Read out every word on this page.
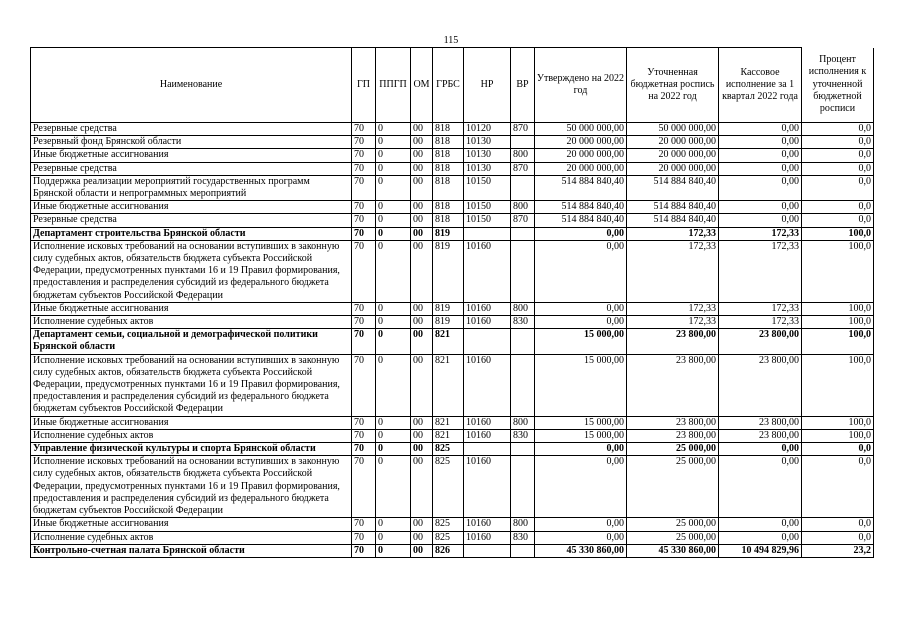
115
Наименование	ГП	ППГП	ОМ	ГРБС	НР	ВР	Утверждено на 2022 год	Уточненная бюджетная роспись на 2022 год	Кассовое исполнение за 1 квартал 2022 года	Процент исполнения к уточненной бюджетной росписи
Резервные средства	70	0	00	818	10120	870	50 000 000,00	50 000 000,00	0,00	0,0
Резервный фонд Брянской области	70	0	00	818	10130		20 000 000,00	20 000 000,00	0,00	0,0
Иные бюджетные ассигнования	70	0	00	818	10130	800	20 000 000,00	20 000 000,00	0,00	0,0
Резервные средства	70	0	00	818	10130	870	20 000 000,00	20 000 000,00	0,00	0,0
Поддержка реализации мероприятий государственных программ Брянской области и непрограммных мероприятий	70	0	00	818	10150		514 884 840,40	514 884 840,40	0,00	0,0
Иные бюджетные ассигнования	70	0	00	818	10150	800	514 884 840,40	514 884 840,40	0,00	0,0
Резервные средства	70	0	00	818	10150	870	514 884 840,40	514 884 840,40	0,00	0,0
Департамент строительства Брянской области	70	0	00	819			0,00	172,33	172,33	100,0
Исполнение исковых требований на основании вступивших в законную силу судебных актов, обязательств бюджета субъекта Российской Федерации, предусмотренных пунктами 16 и 19 Правил формирования, предоставления и распределения субсидий из федерального бюджета бюджетам субъектов Российской Федерации	70	0	00	819	10160		0,00	172,33	172,33	100,0
Иные бюджетные ассигнования	70	0	00	819	10160	800	0,00	172,33	172,33	100,0
Исполнение судебных актов	70	0	00	819	10160	830	0,00	172,33	172,33	100,0
Департамент семьи, социальной и демографической политики Брянской области	70	0	00	821			15 000,00	23 800,00	23 800,00	100,0
Исполнение исковых требований на основании вступивших в законную силу судебных актов, обязательств бюджета субъекта Российской Федерации, предусмотренных пунктами 16 и 19 Правил формирования, предоставления и распределения субсидий из федерального бюджета бюджетам субъектов Российской Федерации	70	0	00	821	10160		15 000,00	23 800,00	23 800,00	100,0
Иные бюджетные ассигнования	70	0	00	821	10160	800	15 000,00	23 800,00	23 800,00	100,0
Исполнение судебных актов	70	0	00	821	10160	830	15 000,00	23 800,00	23 800,00	100,0
Управление физической культуры и спорта Брянской области	70	0	00	825			0,00	25 000,00	0,00	0,0
Исполнение исковых требований на основании вступивших в законную силу судебных актов, обязательств бюджета субъекта Российской Федерации, предусмотренных пунктами 16 и 19 Правил формирования, предоставления и распределения субсидий из федерального бюджета бюджетам субъектов Российской Федерации	70	0	00	825	10160		0,00	25 000,00	0,00	0,0
Иные бюджетные ассигнования	70	0	00	825	10160	800	0,00	25 000,00	0,00	0,0
Исполнение судебных актов	70	0	00	825	10160	830	0,00	25 000,00	0,00	0,0
Контрольно-счетная палата Брянской области	70	0	00	826			45 330 860,00	45 330 860,00	10 494 829,96	23,2
